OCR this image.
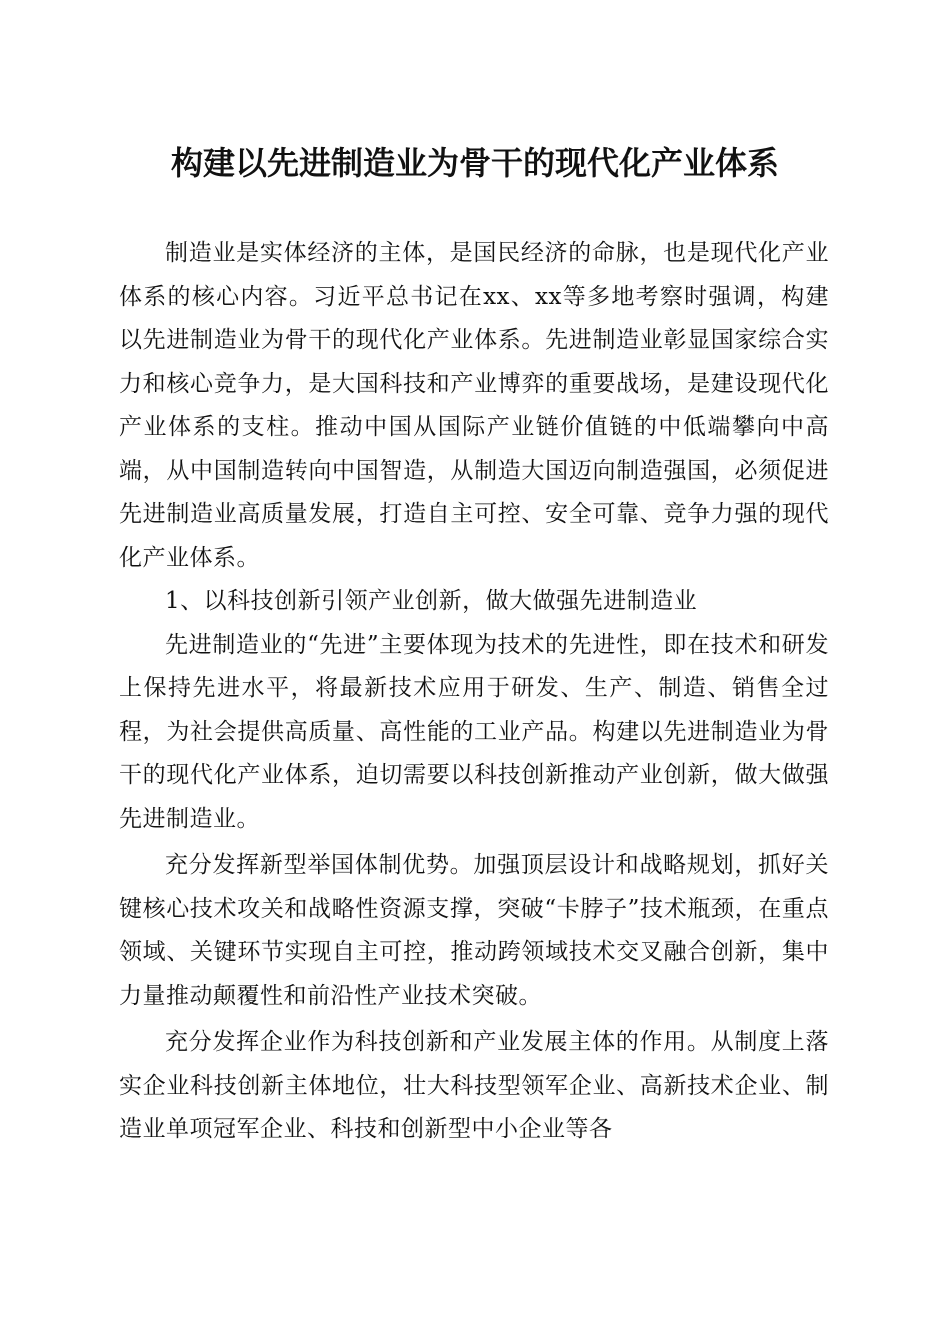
构建以先进制造业为骨干的现代化产业体系

制造业是实体经济的主体，是国民经济的命脉，也是现代化产业体系的核心内容。习近平总书记在xx、xx等多地考察时强调，构建以先进制造业为骨干的现代化产业体系。先进制造业彰显国家综合实力和核心竞争力，是大国科技和产业博弈的重要战场，是建设现代化产业体系的支柱。推动中国从国际产业链价值链的中低端攀向中高端，从中国制造转向中国智造，从制造大国迈向制造强国，必须促进先进制造业高质量发展，打造自主可控、安全可靠、竞争力强的现代化产业体系。

1、以科技创新引领产业创新，做大做强先进制造业

先进制造业的“先进”主要体现为技术的先进性，即在技术和研发上保持先进水平，将最新技术应用于研发、生产、制造、销售全过程，为社会提供高质量、高性能的工业产品。构建以先进制造业为骨干的现代化产业体系，迫切需要以科技创新推动产业创新，做大做强先进制造业。

充分发挥新型举国体制优势。加强顶层设计和战略规划，抓好关键核心技术攻关和战略性资源支撑，突破“卡脖子”技术瓶颈，在重点领域、关键环节实现自主可控，推动跨领域技术交叉融合创新，集中力量推动颠覆性和前沿性产业技术突破。

充分发挥企业作为科技创新和产业发展主体的作用。从制度上落实企业科技创新主体地位，壮大科技型领军企业、高新技术企业、制造业单项冠军企业、科技和创新型中小企业等各
